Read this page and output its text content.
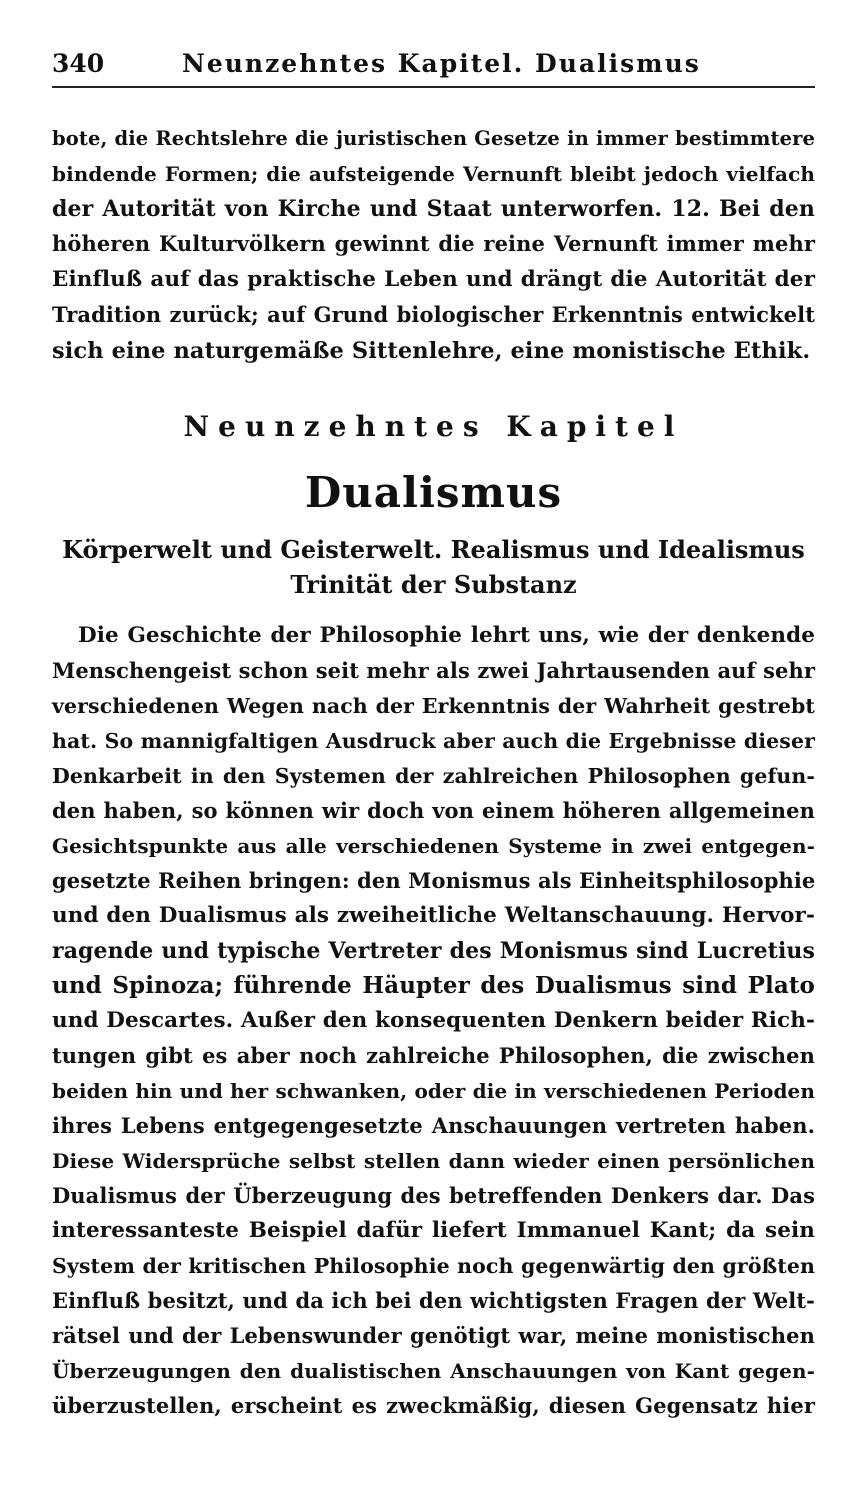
340	Neunzehntes Kapitel. Dualismus
bote, die Rechtslehre die juristischen Gesetze in immer bestimmtere
bindende Formen; die aufsteigende Vernunft bleibt jedoch vielfach
der Autorität von Kirche und Staat unterworfen. 12. Bei den
höheren Kulturvölkern gewinnt die reine Vernunft immer mehr
Einfluß auf das praktische Leben und drängt die Autorität der
Tradition zurück; auf Grund biologischer Erkenntnis entwickelt
sich eine naturgemäße Sittenlehre, eine monistische Ethik.
Neunzehntes Kapitel
Dualismus
Körperwelt und Geisterwelt. Realismus und Idealismus
Trinität der Substanz
Die Geschichte der Philosophie lehrt uns, wie der denkende
Menschengeist schon seit mehr als zwei Jahrtausenden auf sehr
verschiedenen Wegen nach der Erkenntnis der Wahrheit gestrebt
hat. So mannigfaltigen Ausdruck aber auch die Ergebnisse dieser
Denkarbeit in den Systemen der zahlreichen Philosophen gefun-
den haben, so können wir doch von einem höheren allgemeinen
Gesichtspunkte aus alle verschiedenen Systeme in zwei entgegen-
gesetzte Reihen bringen: den Monismus als Einheitsphilosophie
und den Dualismus als zweiheitliche Weltanschauung. Hervor-
ragende und typische Vertreter des Monismus sind Lucretius
und Spinoza; führende Häupter des Dualismus sind Plato
und Descartes. Außer den konsequenten Denkern beider Rich-
tungen gibt es aber noch zahlreiche Philosophen, die zwischen
beiden hin und her schwanken, oder die in verschiedenen Perioden
ihres Lebens entgegengesetzte Anschauungen vertreten haben.
Diese Widersprüche selbst stellen dann wieder einen persönlichen
Dualismus der Überzeugung des betreffenden Denkers dar. Das
interessanteste Beispiel dafür liefert Immanuel Kant; da sein
System der kritischen Philosophie noch gegenwärtig den größten
Einfluß besitzt, und da ich bei den wichtigsten Fragen der Welt-
rätsel und der Lebenswunder genötigt war, meine monistischen
Überzeugungen den dualistischen Anschauungen von Kant gegen-
überzustellen, erscheint es zweckmäßig, diesen Gegensatz hier
